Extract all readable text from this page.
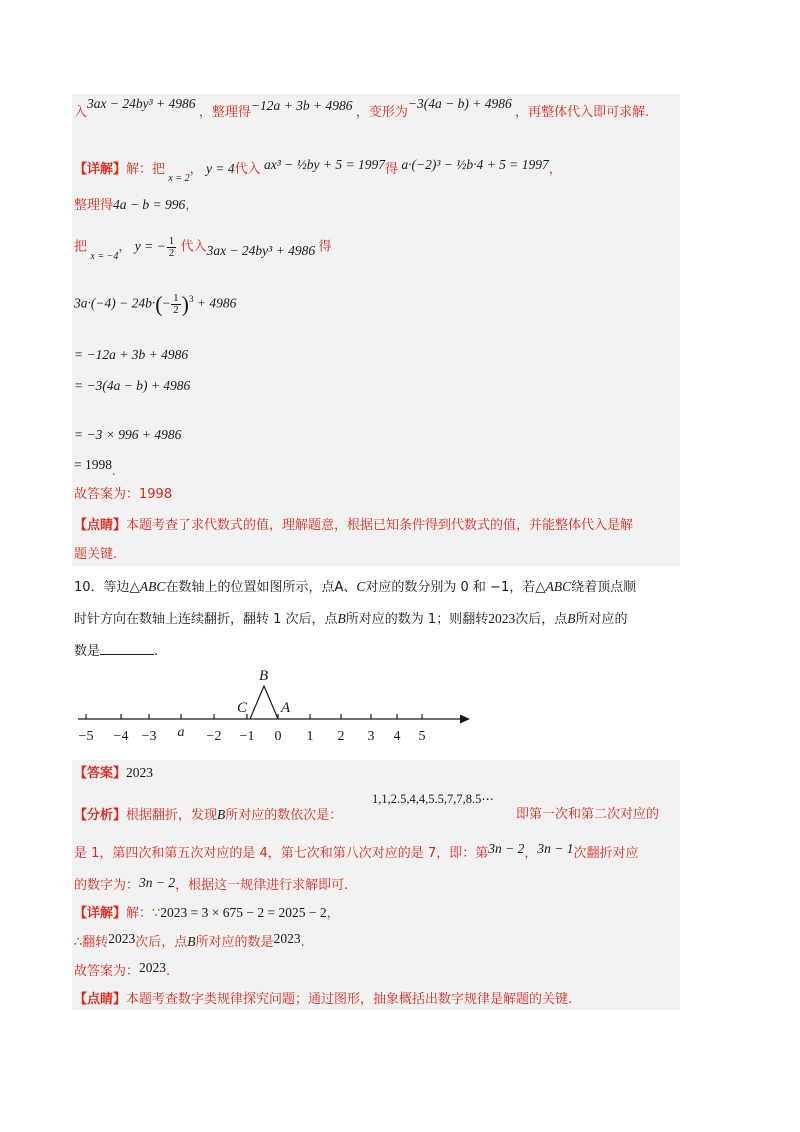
入3ax − 24by³ + 4986 ，整理得−12a + 3b + 4986 ，变形为−3(4a − b) + 4986 ，再整体代入即可求解.
【详解】解：把 $_{x = 2}$， y = 4代入 ax³ − ½by + 5 = 1997得 a·(−2)³ − ½b·4 + 5 = 1997，
整理得4a − b = 996，
把 $_{x = -4}$， y = − $\frac{1}{2}$ 代入3ax − 24by³ + 4986 得
$3a\cdot(-4) - 24b\cdot(- \frac{1}{2} )^3 + 4986$
= −12a + 3b + 4986
= −3(4a − b) + 4986
= −3 × 996 + 4986
= 1998.
故答案为：1998
【点睛】本题考查了求代数式的值，理解题意，根据已知条件得到代数式的值，并能整体代入是解
题关键.
10．等边△ABC在数轴上的位置如图所示，点A、C对应的数分别为 0 和 −1，若△ABC绕着顶点顺
时针方向在数轴上连续翻折，翻转 1 次后，点B所对应的数为 1；则翻转2023次后，点B所对应的
数是	.
B
C A
−5 −4 −3 a −2 −1 0 1 2 3 4 5
【答案】2023
1,1,2.5,4,4,5.5,7,7,8.5⋯
【分析】根据翻折，发现B所对应的数依次是：	即第一次和第二次对应的
是 1，第四次和第五次对应的是 4，第七次和第八次对应的是 7，即：第3n − 2，3n − 1次翻折对应
的数字为：3n − 2，根据这一规律进行求解即可.
【详解】解：∵2023 = 3 × 675 − 2 = 2025 − 2，
∴翻转2023次后，点B所对应的数是2023.
故答案为：2023.
【点睛】本题考查数字类规律探究问题；通过图形，抽象概括出数字规律是解题的关键.
